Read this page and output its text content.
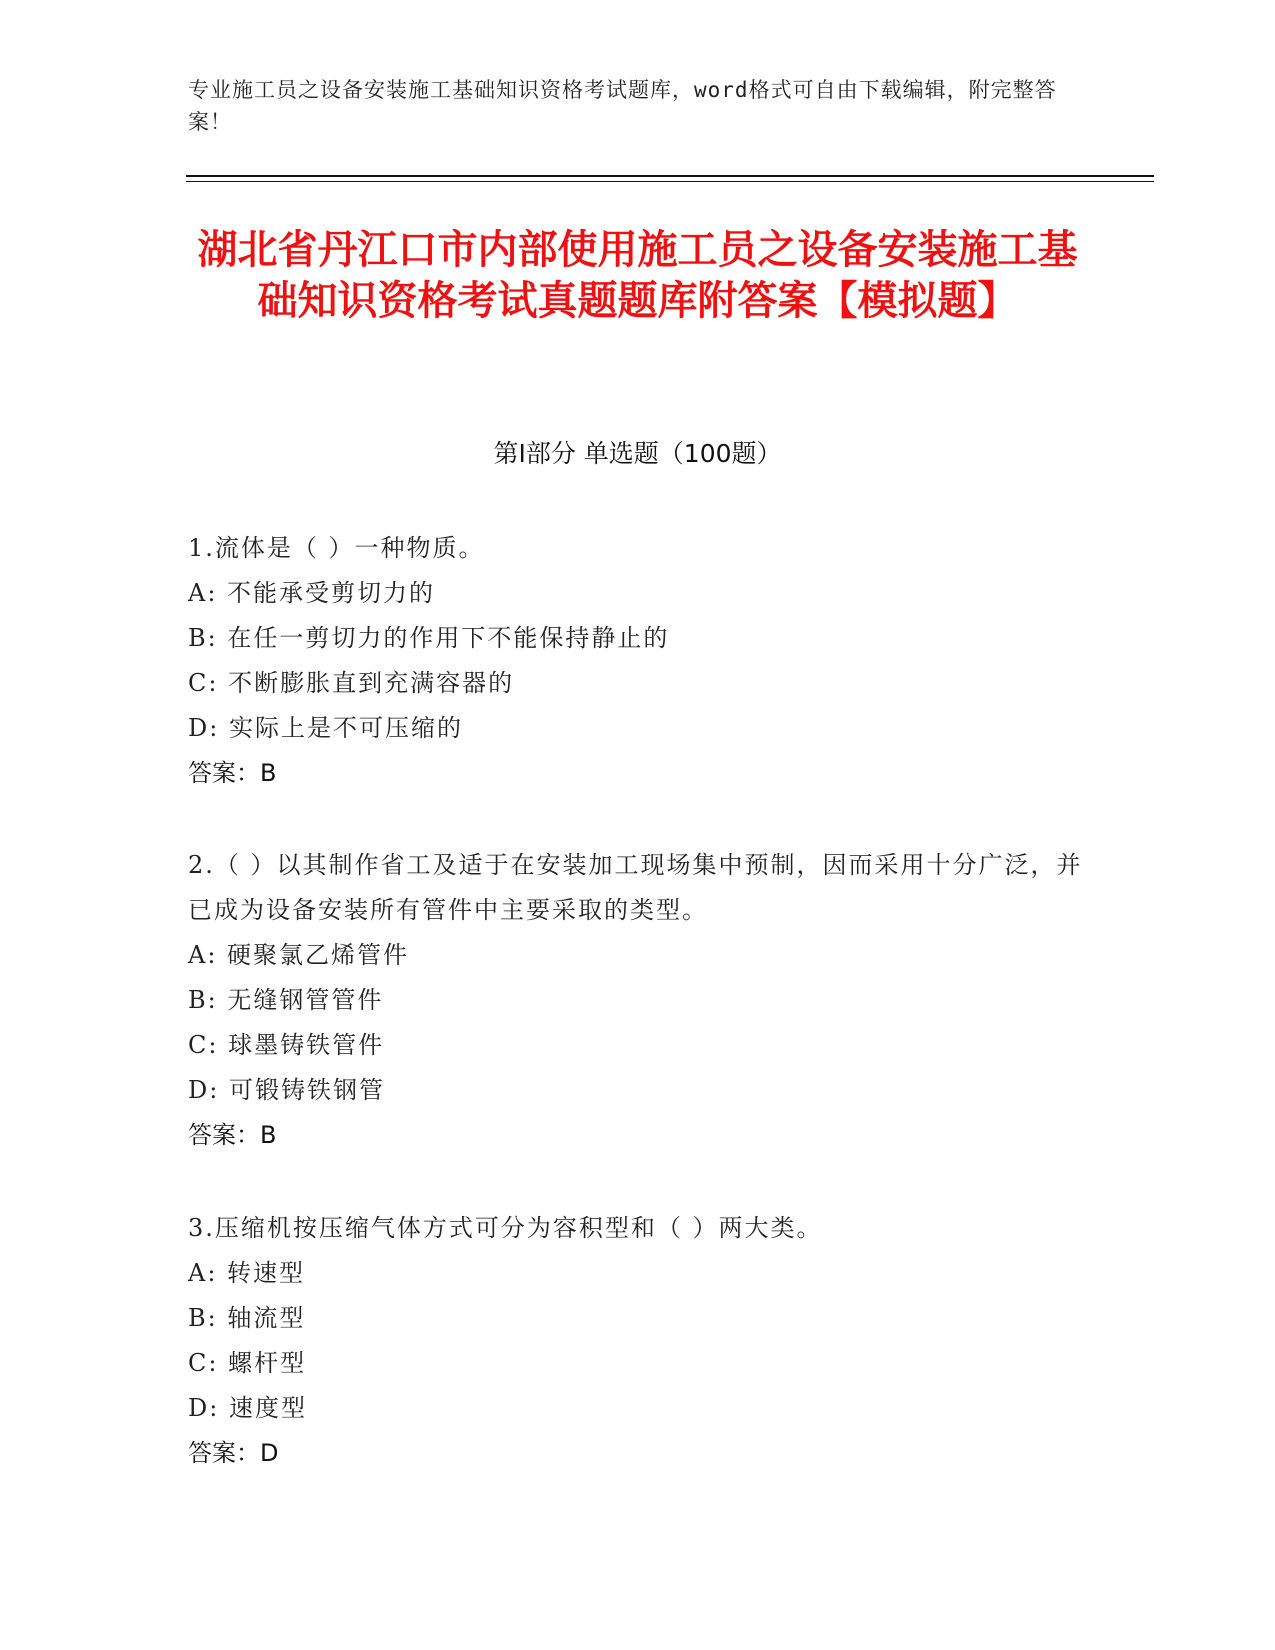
专业施工员之设备安装施工基础知识资格考试题库，word格式可自由下载编辑，附完整答案！
湖北省丹江口市内部使用施工员之设备安装施工基础知识资格考试真题题库附答案【模拟题】
第Ⅰ部分 单选题（100题）
1.流体是（ ）一种物质。
A: 不能承受剪切力的
B: 在任一剪切力的作用下不能保持静止的
C: 不断膨胀直到充满容器的
D: 实际上是不可压缩的
答案：B
2.（ ）以其制作省工及适于在安装加工现场集中预制，因而采用十分广泛，并已成为设备安装所有管件中主要采取的类型。
A: 硬聚氯乙烯管件
B: 无缝钢管管件
C: 球墨铸铁管件
D: 可锻铸铁钢管
答案：B
3.压缩机按压缩气体方式可分为容积型和（ ）两大类。
A: 转速型
B: 轴流型
C: 螺杆型
D: 速度型
答案：D
